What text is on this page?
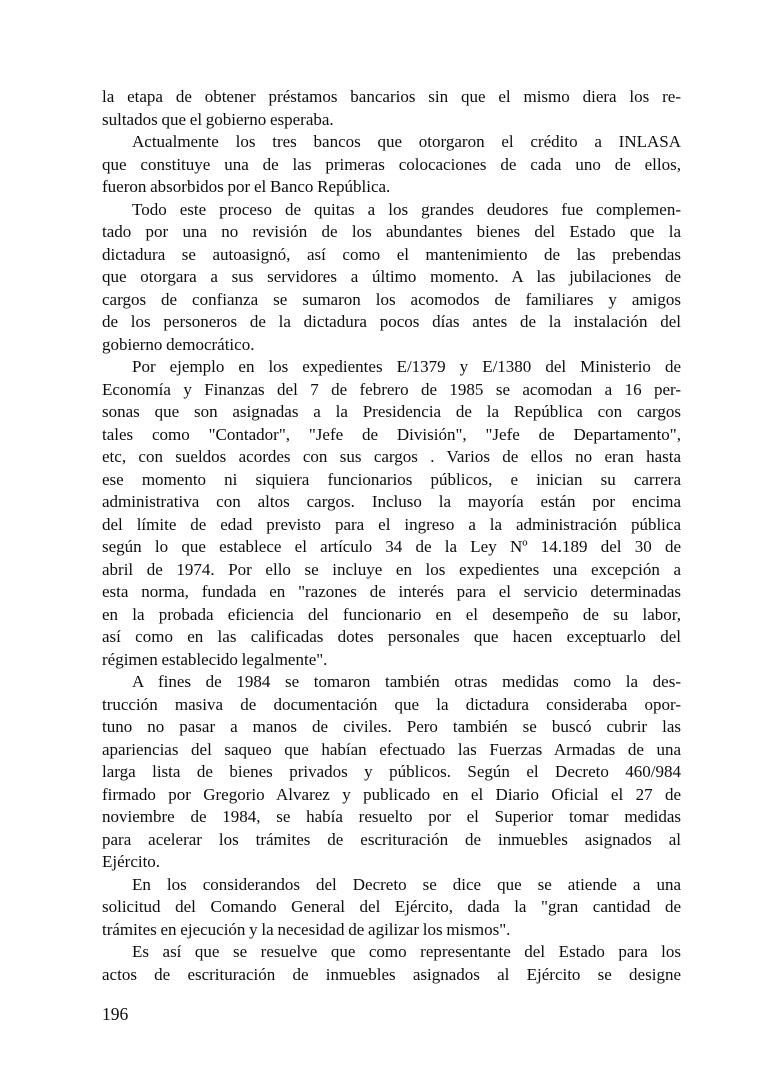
la etapa de obtener préstamos bancarios sin que el mismo diera los re-
sultados que el gobierno esperaba.
Actualmente los tres bancos que otorgaron el crédito a INLASA
que constituye una de las primeras colocaciones de cada uno de ellos,
fueron absorbidos por el Banco República.
Todo este proceso de quitas a los grandes deudores fue complemen-
tado por una no revisión de los abundantes bienes del Estado que la
dictadura se autoasignó, así como el mantenimiento de las prebendas
que otorgara a sus servidores a último momento. A las jubilaciones de
cargos de confianza se sumaron los acomodos de familiares y amigos
de los personeros de la dictadura pocos días antes de la instalación del
gobierno democrático.
Por ejemplo en los expedientes E/1379 y E/1380 del Ministerio de
Economía y Finanzas del 7 de febrero de 1985 se acomodan a 16 per-
sonas que son asignadas a la Presidencia de la República con cargos
tales como "Contador", "Jefe de División", "Jefe de Departamento",
etc, con sueldos acordes con sus cargos . Varios de ellos no eran hasta
ese momento ni siquiera funcionarios públicos, e inician su carrera
administrativa con altos cargos. Incluso la mayoría están por encima
del límite de edad previsto para el ingreso a la administración pública
según lo que establece el artículo 34 de la Ley Nº 14.189 del 30 de
abril de 1974. Por ello se incluye en los expedientes una excepción a
esta norma, fundada en "razones de interés para el servicio determinadas
en la probada eficiencia del funcionario en el desempeño de su labor,
así como en las calificadas dotes personales que hacen exceptuarlo del
régimen establecido legalmente".
A fines de 1984 se tomaron también otras medidas como la des-
trucción masiva de documentación que la dictadura consideraba opor-
tuno no pasar a manos de civiles. Pero también se buscó cubrir las
apariencias del saqueo que habían efectuado las Fuerzas Armadas de una
larga lista de bienes privados y públicos. Según el Decreto 460/984
firmado por Gregorio Alvarez y publicado en el Diario Oficial el 27 de
noviembre de 1984, se había resuelto por el Superior tomar medidas
para acelerar los trámites de escrituración de inmuebles asignados al
Ejército.
En los considerandos del Decreto se dice que se atiende a una
solicitud del Comando General del Ejército, dada la "gran cantidad de
trámites en ejecución y la necesidad de agilizar los mismos".
Es así que se resuelve que como representante del Estado para los
actos de escrituración de inmuebles asignados al Ejército se designe
196
